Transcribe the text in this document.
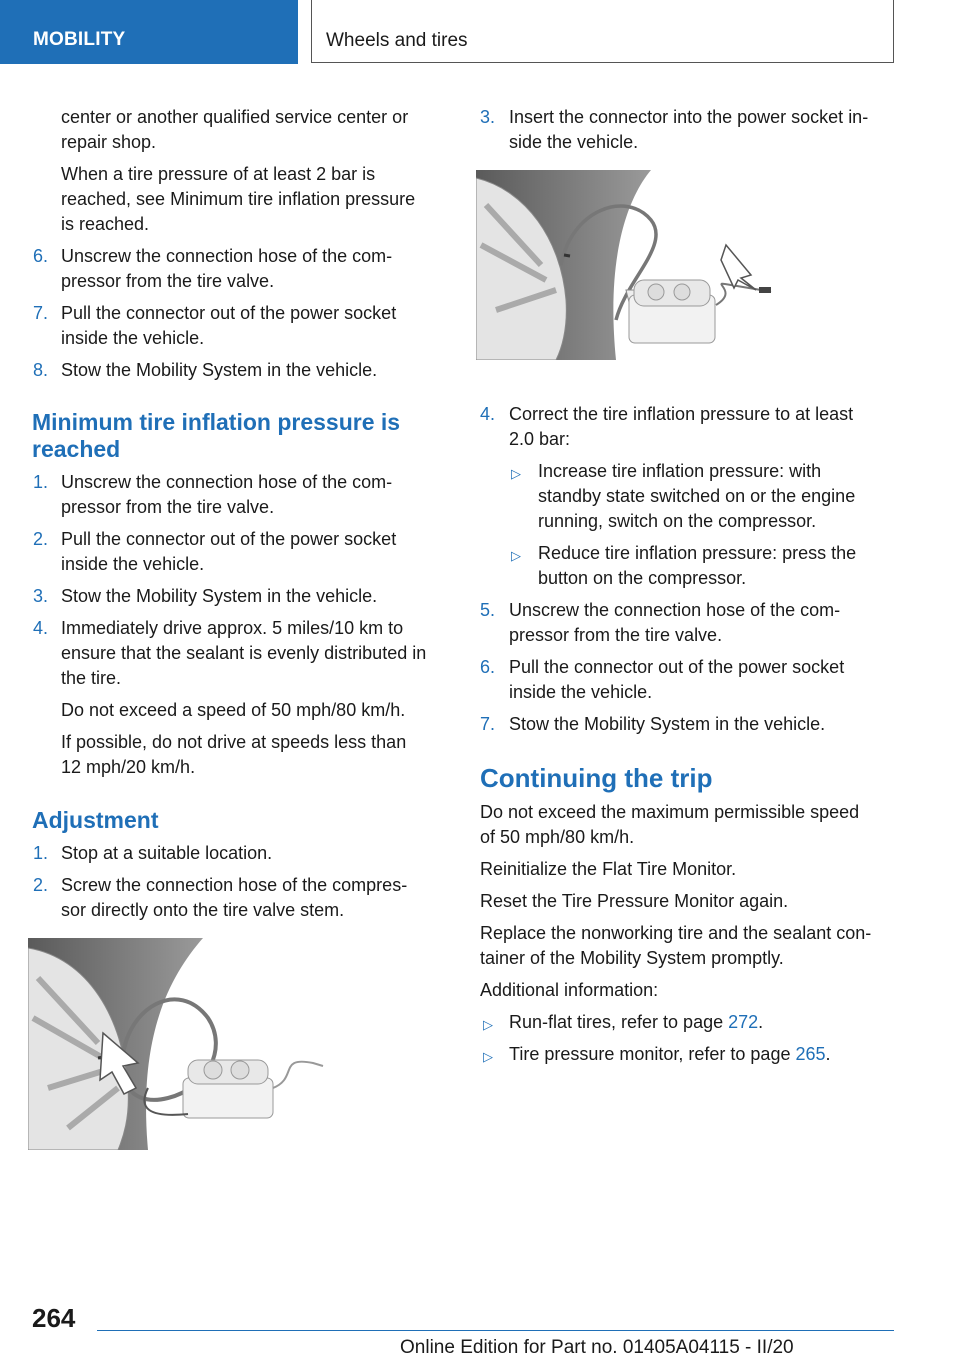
MOBILITY	Wheels and tires
center or another qualified service center or
repair shop.
When a tire pressure of at least 2 bar is
reached, see Minimum tire inflation pressure
is reached.
6. Unscrew the connection hose of the com‐
pressor from the tire valve.
7. Pull the connector out of the power socket
inside the vehicle.
8. Stow the Mobility System in the vehicle.
Minimum tire inflation pressure is
reached
1. Unscrew the connection hose of the com‐
pressor from the tire valve.
2. Pull the connector out of the power socket
inside the vehicle.
3. Stow the Mobility System in the vehicle.
4. Immediately drive approx. 5 miles/10 km to
ensure that the sealant is evenly distributed in
the tire.
Do not exceed a speed of 50 mph/80 km/h.
If possible, do not drive at speeds less than
12 mph/20 km/h.
Adjustment
1. Stop at a suitable location.
2. Screw the connection hose of the compres‐
sor directly onto the tire valve stem.
3. Insert the connector into the power socket in‐
side the vehicle.
4. Correct the tire inflation pressure to at least
2.0 bar:
▷ Increase tire inflation pressure: with
standby state switched on or the engine
running, switch on the compressor.
▷ Reduce tire inflation pressure: press the
button on the compressor.
5. Unscrew the connection hose of the com‐
pressor from the tire valve.
6. Pull the connector out of the power socket
inside the vehicle.
7. Stow the Mobility System in the vehicle.
Continuing the trip
Do not exceed the maximum permissible speed
of 50 mph/80 km/h.
Reinitialize the Flat Tire Monitor.
Reset the Tire Pressure Monitor again.
Replace the nonworking tire and the sealant con‐
tainer of the Mobility System promptly.
Additional information:
▷ Run-flat tires, refer to page 272.
▷ Tire pressure monitor, refer to page 265.
264
Online Edition for Part no. 01405A04115 - II/20
